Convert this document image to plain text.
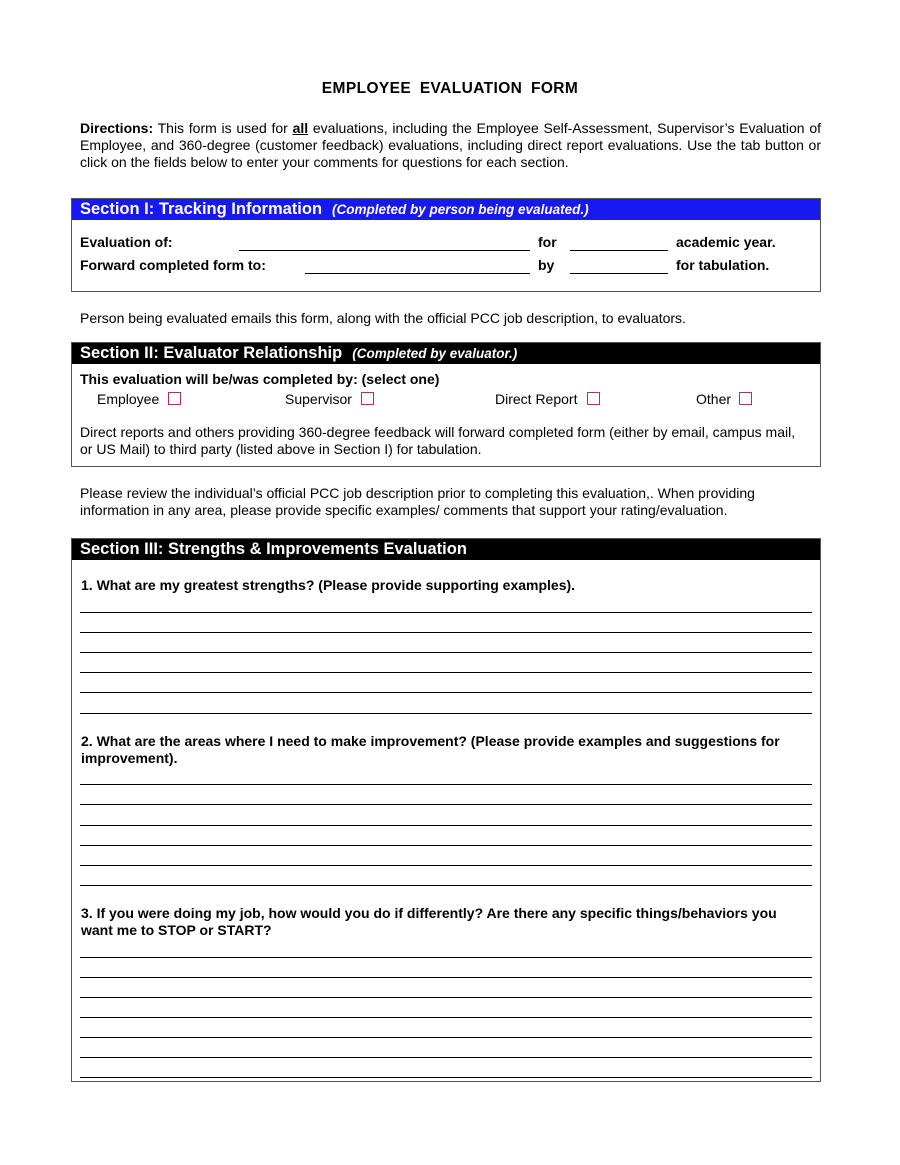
EMPLOYEE EVALUATION FORM
Directions: This form is used for all evaluations, including the Employee Self-Assessment, Supervisor’s Evaluation of Employee, and 360-degree (customer feedback) evaluations, including direct report evaluations. Use the tab button or click on the fields below to enter your comments for questions for each section.
Section I: Tracking Information (Completed by person being evaluated.)
Evaluation of:	for	academic year.
Forward completed form to:	by	for tabulation.
Person being evaluated emails this form, along with the official PCC job description, to evaluators.
Section II: Evaluator Relationship (Completed by evaluator.)
This evaluation will be/was completed by: (select one)
Employee	Supervisor	Direct Report	Other
Direct reports and others providing 360-degree feedback will forward completed form (either by email, campus mail, or US Mail) to third party (listed above in Section I) for tabulation.
Please review the individual’s official PCC job description prior to completing this evaluation,. When providing information in any area, please provide specific examples/ comments that support your rating/evaluation.
Section III: Strengths & Improvements Evaluation
1. What are my greatest strengths? (Please provide supporting examples).
2. What are the areas where I need to make improvement? (Please provide examples and suggestions for improvement).
3. If you were doing my job, how would you do if differently? Are there any specific things/behaviors you want me to STOP or START?
